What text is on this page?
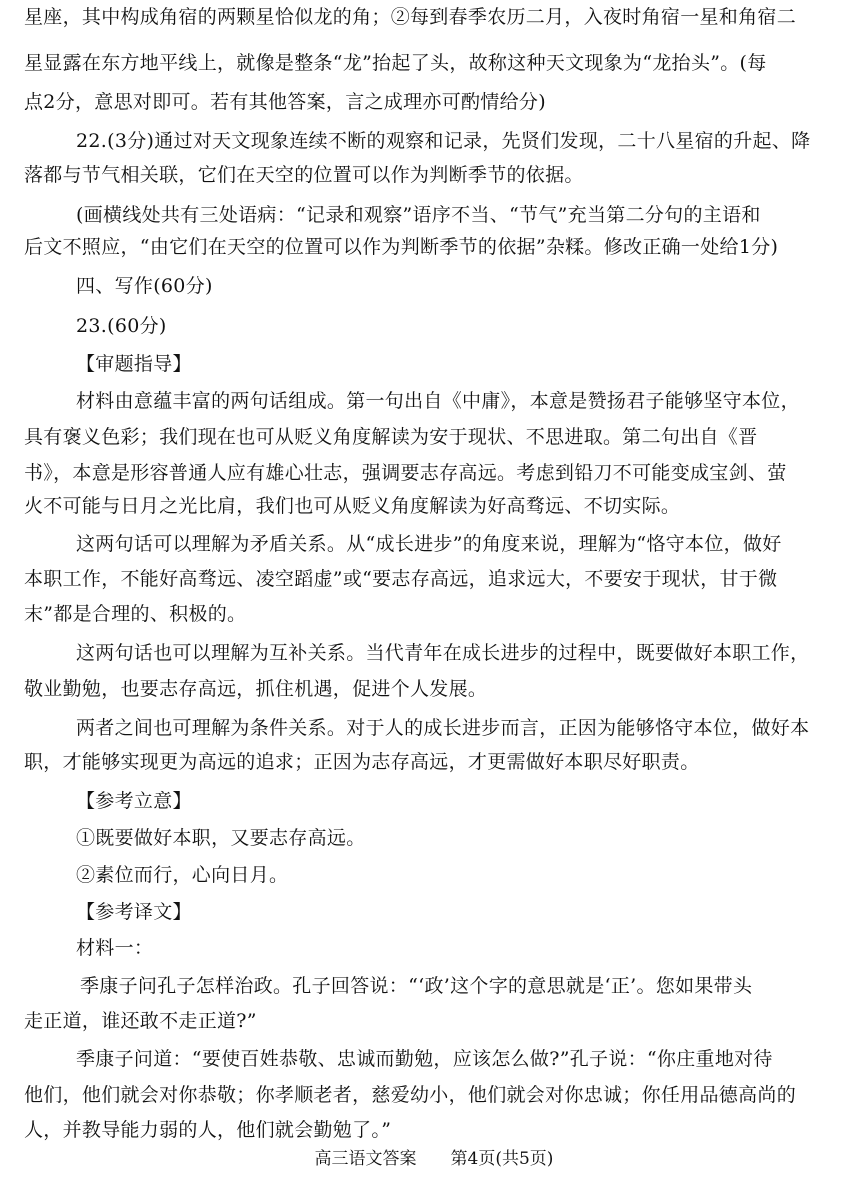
星座，其中构成角宿的两颗星恰似龙的角；②每到春季农历二月，入夜时角宿一星和角宿二
星显露在东方地平线上，就像是整条“龙”抬起了头，故称这种天文现象为“龙抬头”。(每
点2分，意思对即可。若有其他答案，言之成理亦可酌情给分)
22.(3分)通过对天文现象连续不断的观察和记录，先贤们发现，二十八星宿的升起、降
落都与节气相关联，它们在天空的位置可以作为判断季节的依据。
(画横线处共有三处语病：“记录和观察”语序不当、“节气”充当第二分句的主语和
后文不照应，“由它们在天空的位置可以作为判断季节的依据”杂糅。修改正确一处给1分)
四、写作(60分)
23.(60分)
【审题指导】
材料由意蕴丰富的两句话组成。第一句出自《中庸》，本意是赞扬君子能够坚守本位，
具有褒义色彩；我们现在也可从贬义角度解读为安于现状、不思进取。第二句出自《晋
书》，本意是形容普通人应有雄心壮志，强调要志存高远。考虑到铅刀不可能变成宝剑、萤
火不可能与日月之光比肩，我们也可从贬义角度解读为好高骛远、不切实际。
这两句话可以理解为矛盾关系。从“成长进步”的角度来说，理解为“恪守本位，做好
本职工作，不能好高骛远、凌空蹈虚”或“要志存高远，追求远大，不要安于现状，甘于微
末”都是合理的、积极的。
这两句话也可以理解为互补关系。当代青年在成长进步的过程中，既要做好本职工作，
敬业勤勉，也要志存高远，抓住机遇，促进个人发展。
两者之间也可理解为条件关系。对于人的成长进步而言，正因为能够恪守本位，做好本
职，才能够实现更为高远的追求；正因为志存高远，才更需做好本职尽好职责。
【参考立意】
①既要做好本职，又要志存高远。
②素位而行，心向日月。
【参考译文】
材料一：
季康子问孔子怎样治政。孔子回答说：“‘政’这个字的意思就是‘正’。您如果带头
走正道，谁还敢不走正道?”
季康子问道：“要使百姓恭敬、忠诚而勤勉，应该怎么做?”孔子说：“你庄重地对待
他们，他们就会对你恭敬；你孝顺老者，慈爱幼小，他们就会对你忠诚；你任用品德高尚的
人，并教导能力弱的人，他们就会勤勉了。”
高三语文答案　　第4页(共5页)
